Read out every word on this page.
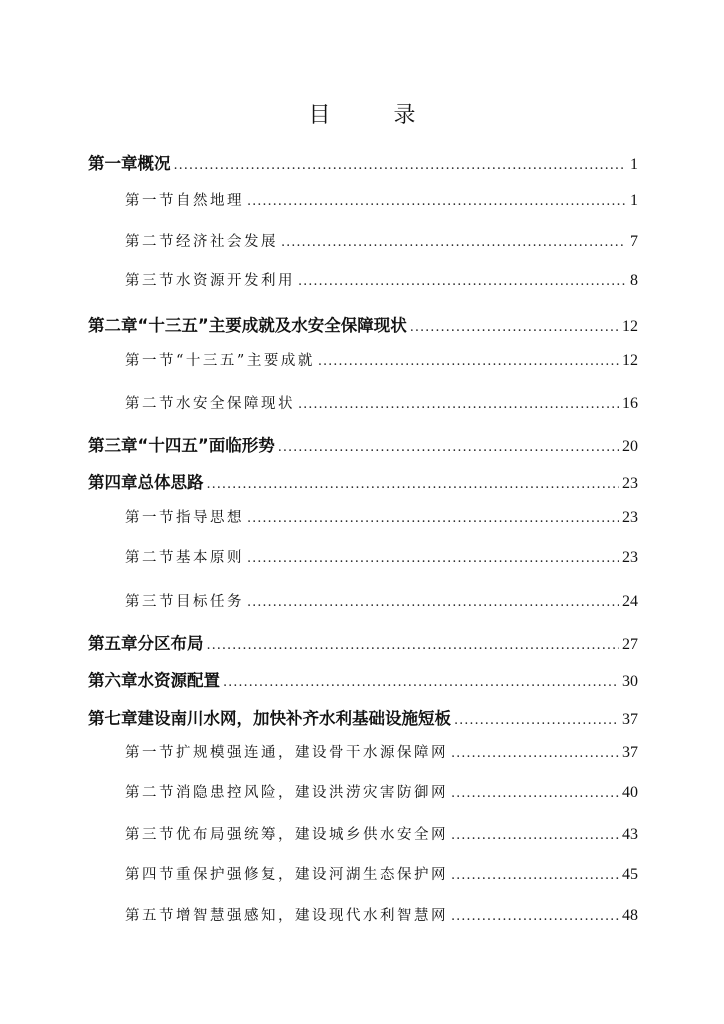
目 录
第一章 概况 .....	1
第一节 自然地理 .....	1
第二节 经济社会发展 .....	7
第三节 水资源开发利用 .....	8
第二章 “十三五”主要成就及水安全保障现状 .....	12
第一节 “十三五”主要成就 .....	12
第二节 水安全保障现状 .....	16
第三章 “十四五”面临形势 .....	20
第四章 总体思路 .....	23
第一节 指导思想 .....	23
第二节 基本原则 .....	23
第三节 目标任务 .....	24
第五章 分区布局 .....	27
第六章 水资源配置 .....	30
第七章 建设南川水网，加快补齐水利基础设施短板 .....	37
第一节 扩规模强连通，建设骨干水源保障网 .....	37
第二节 消隐患控风险，建设洪涝灾害防御网 .....	40
第三节 优布局强统筹，建设城乡供水安全网 .....	43
第四节 重保护强修复，建设河湖生态保护网 .....	45
第五节 增智慧强感知，建设现代水利智慧网 .....	48
